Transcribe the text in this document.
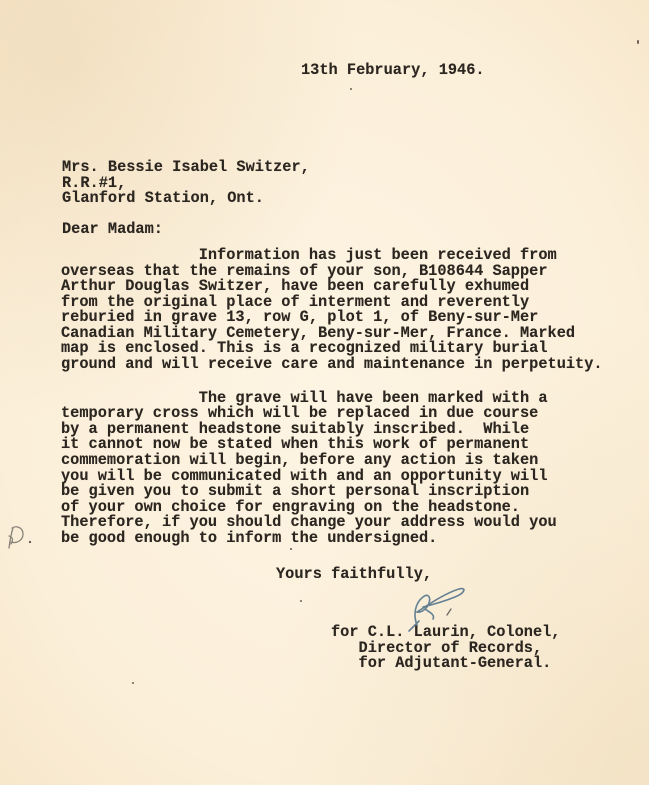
13th February, 1946.
Mrs. Bessie Isabel Switzer,
R.R.#1,
Glanford Station, Ont.
Dear Madam:
Information has just been received from
overseas that the remains of your son, B108644 Sapper
Arthur Douglas Switzer, have been carefully exhumed
from the original place of interment and reverently
reburied in grave 13, row G, plot 1, of Beny-sur-Mer
Canadian Military Cemetery, Beny-sur-Mer, France. Marked
map is enclosed. This is a recognized military burial
ground and will receive care and maintenance in perpetuity.
The grave will have been marked with a
temporary cross which will be replaced in due course
by a permanent headstone suitably inscribed.  While
it cannot now be stated when this work of permanent
commemoration will begin, before any action is taken
you will be communicated with and an opportunity will
be given you to submit a short personal inscription
of your own choice for engraving on the headstone.
Therefore, if you should change your address would you
be good enough to inform the undersigned.
Yours faithfully,
for C.L. Laurin, Colonel,
Director of Records,
for Adjutant-General.
